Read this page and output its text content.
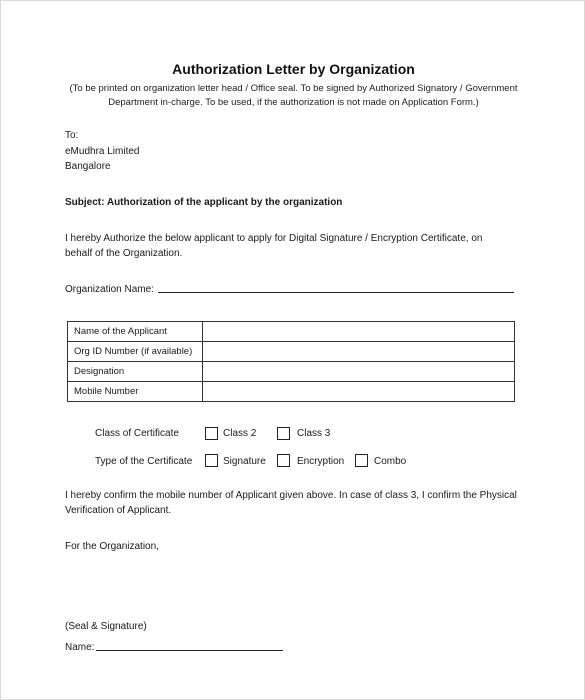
Authorization Letter by Organization
(To be printed on organization letter head / Office seal. To be signed by Authorized Signatory / Government
Department in-charge. To be used, if the authorization is not made on Application Form.)
To:
eMudhra Limited
Bangalore
Subject: Authorization of the applicant by the organization
I hereby Authorize the below applicant to apply for Digital Signature / Encryption Certificate, on
behalf of the Organization.
Organization Name:
Name of the Applicant	
Org ID Number (if available)	
Designation	
Mobile Number	
Class of Certificate	Class 2	Class 3
Type of the Certificate	Signature	Encryption	Combo
I hereby confirm the mobile number of Applicant given above. In case of class 3, I confirm the Physical
Verification of Applicant.
For the Organization,
(Seal & Signature)
Name:
